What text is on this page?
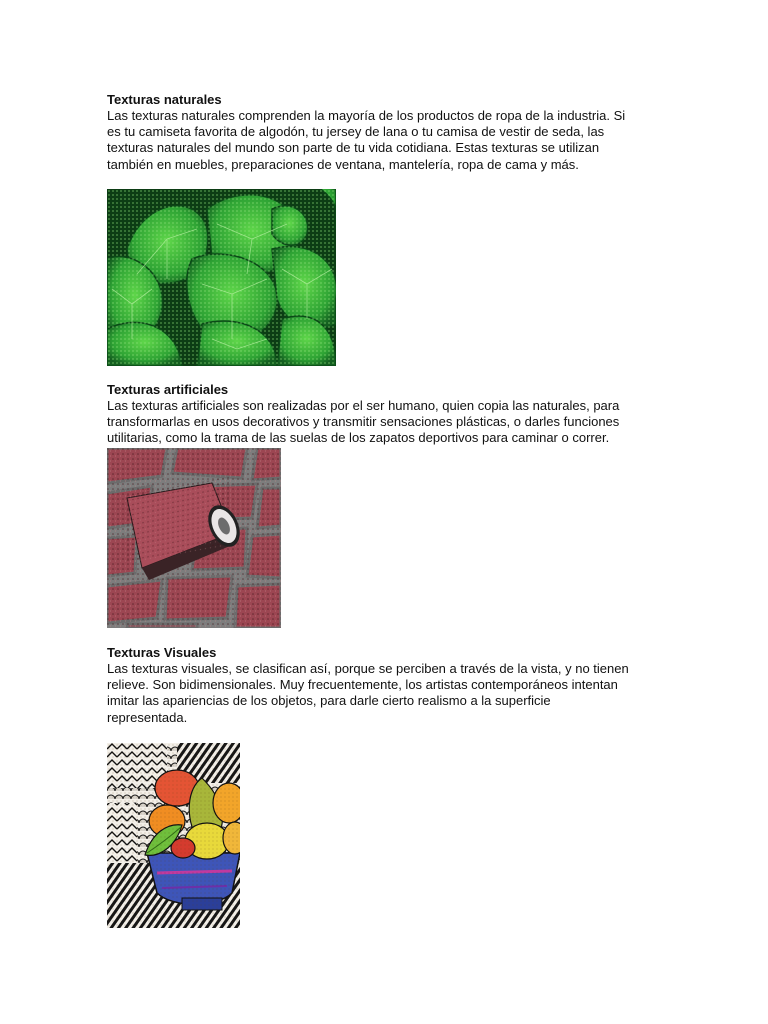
Texturas naturales

Las texturas naturales comprenden la mayoría de los productos de ropa de la industria. Si

es tu camiseta favorita de algodón, tu jersey de lana o tu camisa de vestir de seda, las

texturas naturales del mundo son parte de tu vida cotidiana. Estas texturas se utilizan

también en muebles, preparaciones de ventana, mantelería, ropa de cama y más.

Texturas artificiales

Las texturas artificiales son realizadas por el ser humano, quien copia las naturales, para

transformarlas en usos decorativos y transmitir sensaciones plásticas, o darles funciones

utilitarias, como la trama de las suelas de los zapatos deportivos para caminar o correr.

Texturas Visuales

Las texturas visuales, se clasifican así, porque se perciben a través de la vista, y no tienen

relieve. Son bidimensionales. Muy frecuentemente, los artistas contemporáneos intentan

imitar las apariencias de los objetos, para darle cierto realismo a la superficie

representada.
